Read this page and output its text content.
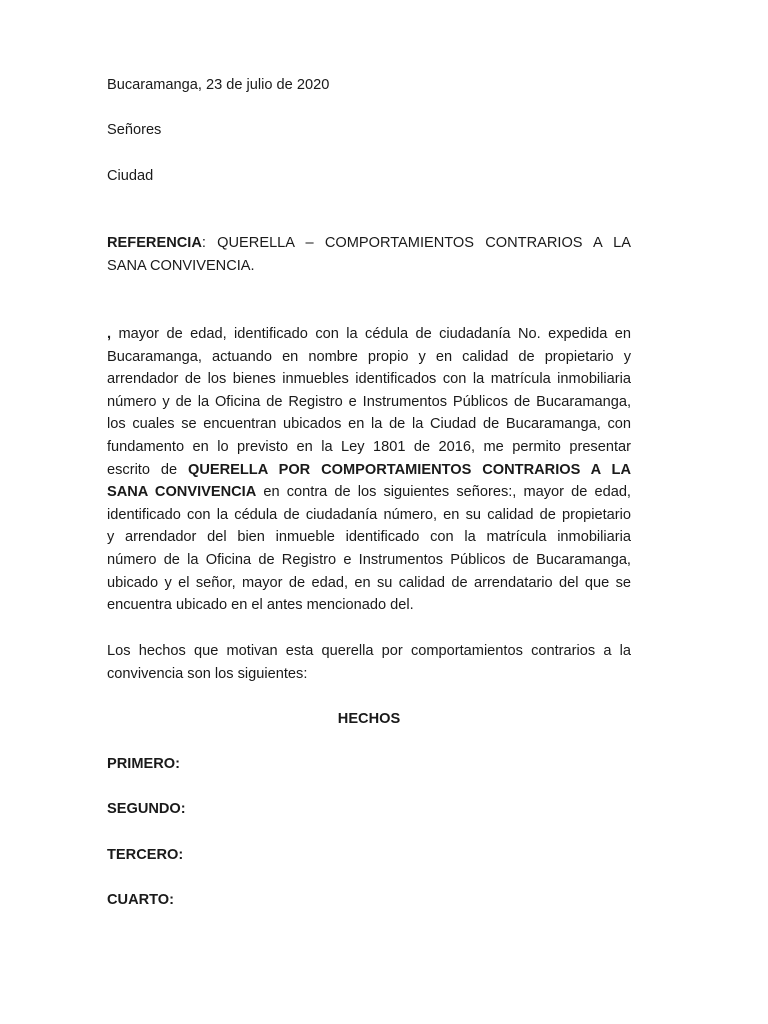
Bucaramanga, 23 de julio de 2020
Señores
Ciudad
REFERENCIA: QUERELLA – COMPORTAMIENTOS CONTRARIOS A LA
SANA CONVIVENCIA.
, mayor de edad, identificado con la cédula de ciudadanía No. expedida en
Bucaramanga, actuando en nombre propio y en calidad de propietario y
arrendador de los bienes inmuebles identificados con la matrícula inmobiliaria
número y de la Oficina de Registro e Instrumentos Públicos de Bucaramanga,
los cuales se encuentran ubicados en la de la Ciudad de Bucaramanga, con
fundamento en lo previsto en la Ley 1801 de 2016, me permito presentar
escrito de QUERELLA POR COMPORTAMIENTOS CONTRARIOS A LA
SANA CONVIVENCIA en contra de los siguientes señores:, mayor de edad,
identificado con la cédula de ciudadanía número, en su calidad de propietario
y arrendador del bien inmueble identificado con la matrícula inmobiliaria
número de la Oficina de Registro e Instrumentos Públicos de Bucaramanga,
ubicado y el señor, mayor de edad, en su calidad de arrendatario del que se
encuentra ubicado en el antes mencionado del.
Los hechos que motivan esta querella por comportamientos contrarios a la
convivencia son los siguientes:
HECHOS
PRIMERO:
SEGUNDO:
TERCERO:
CUARTO:
